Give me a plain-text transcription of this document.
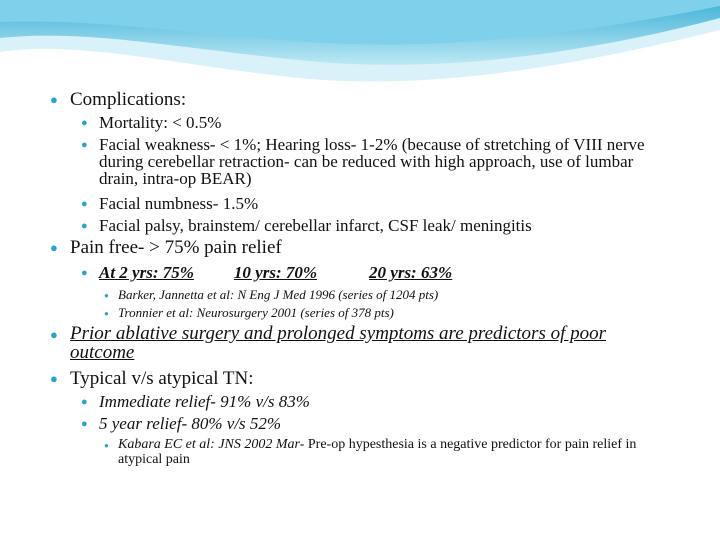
● Complications:
● Mortality: < 0.5%
● Facial weakness- < 1%; Hearing loss- 1-2% (because of stretching of VIII nerve during cerebellar retraction- can be reduced with high approach, use of lumbar drain, intra-op BEAR)
● Facial numbness- 1.5%
● Facial palsy, brainstem/ cerebellar infarct, CSF leak/ meningitis
● Pain free- > 75% pain relief
● At 2 yrs: 75% 10 yrs: 70%	20 yrs: 63%
● Barker, Jannetta et al: N Eng J Med 1996 (series of 1204 pts)
● Tronnier et al: Neurosurgery 2001 (series of 378 pts)
● Prior ablative surgery and prolonged symptoms are predictors of poor outcome
● Typical v/s atypical TN:
● Immediate relief- 91% v/s 83%
● 5 year relief- 80% v/s 52%
● Kabara EC et al: JNS 2002 Mar- Pre-op hypesthesia is a negative predictor for pain relief in atypical pain
